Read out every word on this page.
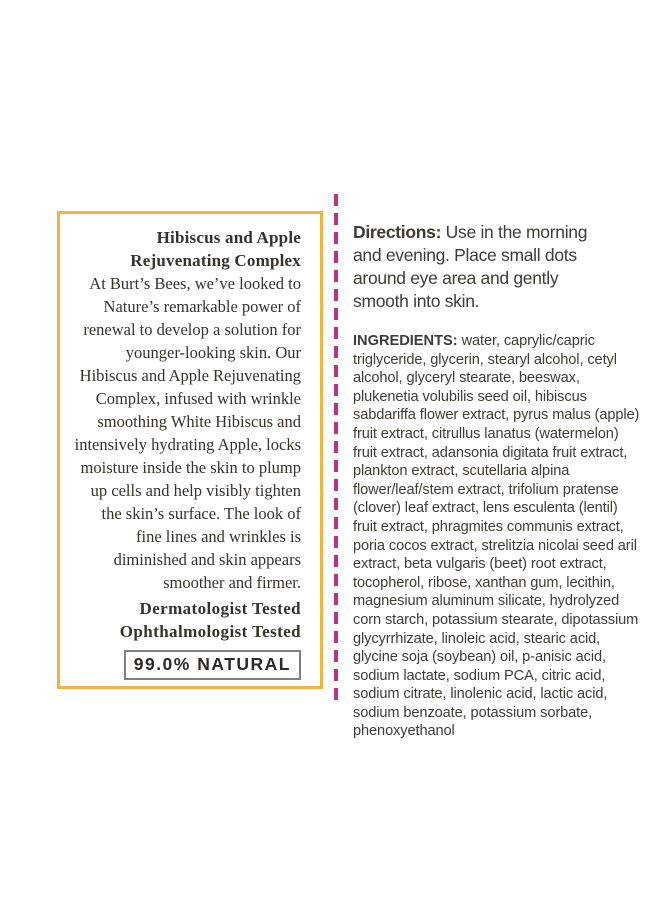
Hibiscus and Apple Rejuvenating Complex

At Burt’s Bees, we’ve looked to Nature’s remarkable power of renewal to develop a solution for younger-looking skin. Our Hibiscus and Apple Rejuvenating Complex, infused with wrinkle smoothing White Hibiscus and intensively hydrating Apple, locks moisture inside the skin to plump up cells and help visibly tighten the skin’s surface. The look of fine lines and wrinkles is diminished and skin appears smoother and firmer.

Dermatologist Tested
Ophthalmologist Tested
99.0% NATURAL

Directions: Use in the morning and evening. Place small dots around eye area and gently smooth into skin.

INGREDIENTS: water, caprylic/capric triglyceride, glycerin, stearyl alcohol, cetyl alcohol, glyceryl stearate, beeswax, plukenetia volubilis seed oil, hibiscus sabdariffa flower extract, pyrus malus (apple) fruit extract, citrullus lanatus (watermelon) fruit extract, adansonia digitata fruit extract, plankton extract, scutellaria alpina flower/leaf/stem extract, trifolium pratense (clover) leaf extract, lens esculenta (lentil) fruit extract, phragmites communis extract, poria cocos extract, strelitzia nicolai seed aril extract, beta vulgaris (beet) root extract, tocopherol, ribose, xanthan gum, lecithin, magnesium aluminum silicate, hydrolyzed corn starch, potassium stearate, dipotassium glycyrrhizate, linoleic acid, stearic acid, glycine soja (soybean) oil, p-anisic acid, sodium lactate, sodium PCA, citric acid, sodium citrate, linolenic acid, lactic acid, sodium benzoate, potassium sorbate, phenoxyethanol
